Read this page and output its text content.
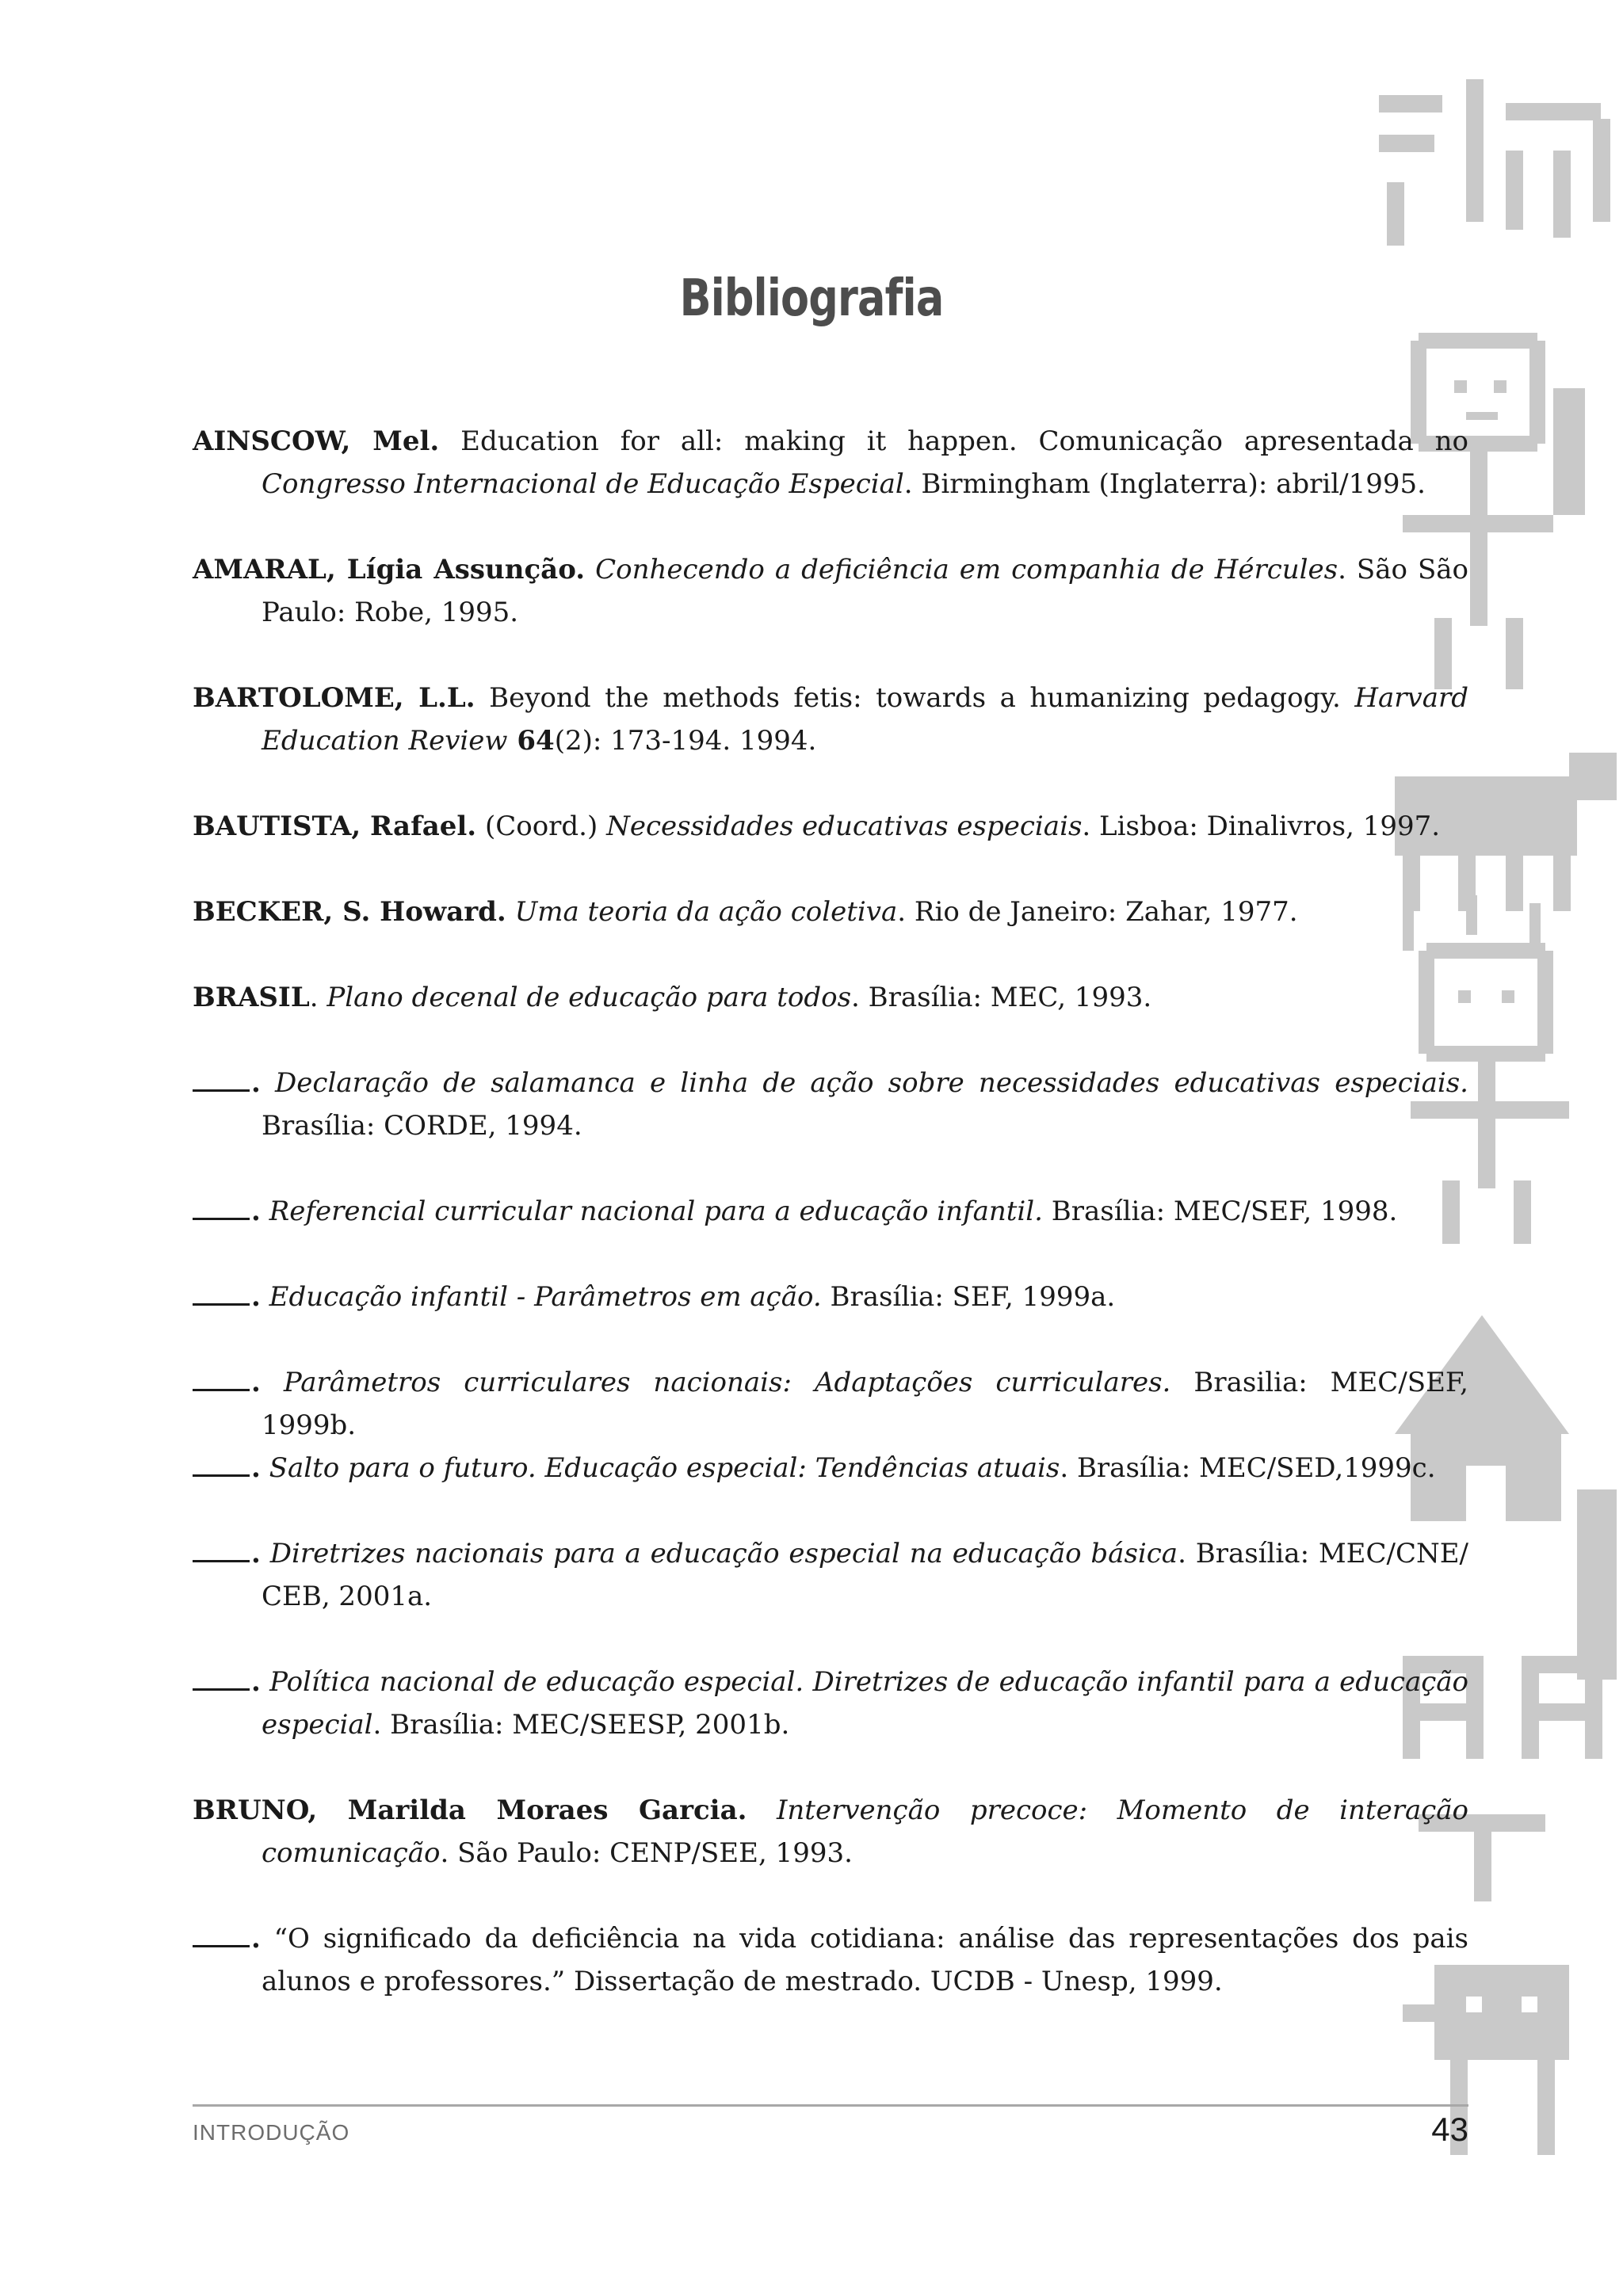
Bibliografia
AINSCOW, Mel. Education for all: making it happen. Comunicação apresentada no Congresso Internacional de Educação Especial. Birmingham (Inglaterra): abril/1995.
AMARAL, Lígia Assunção. Conhecendo a deficiência em companhia de Hércules. São São Paulo: Robe, 1995.
BARTOLOME, L.L. Beyond the methods fetis: towards a humanizing pedagogy. Harvard Education Review 64(2): 173-194. 1994.
BAUTISTA, Rafael. (Coord.) Necessidades educativas especiais. Lisboa: Dinalivros, 1997.
BECKER, S. Howard. Uma teoria da ação coletiva. Rio de Janeiro: Zahar, 1977.
BRASIL. Plano decenal de educação para todos. Brasília: MEC, 1993.
. Declaração de salamanca e linha de ação sobre necessidades educativas especiais. Brasília: CORDE, 1994.
. Referencial curricular nacional para a educação infantil. Brasília: MEC/SEF, 1998.
. Educação infantil - Parâmetros em ação. Brasília: SEF, 1999a.
. Parâmetros curriculares nacionais: Adaptações curriculares. Brasilia: MEC/SEF, 1999b.
. Salto para o futuro. Educação especial: Tendências atuais. Brasília: MEC/SED,1999c.
. Diretrizes nacionais para a educação especial na educação básica. Brasília: MEC/CNE/ CEB, 2001a.
. Política nacional de educação especial. Diretrizes de educação infantil para a educação especial. Brasília: MEC/SEESP, 2001b.
BRUNO, Marilda Moraes Garcia. Intervenção precoce: Momento de interação comunicação. São Paulo: CENP/SEE, 1993.
. “O significado da deficiência na vida cotidiana: análise das representações dos pais alunos e professores.” Dissertação de mestrado. UCDB - Unesp, 1999.
INTRODUÇÃO	43
